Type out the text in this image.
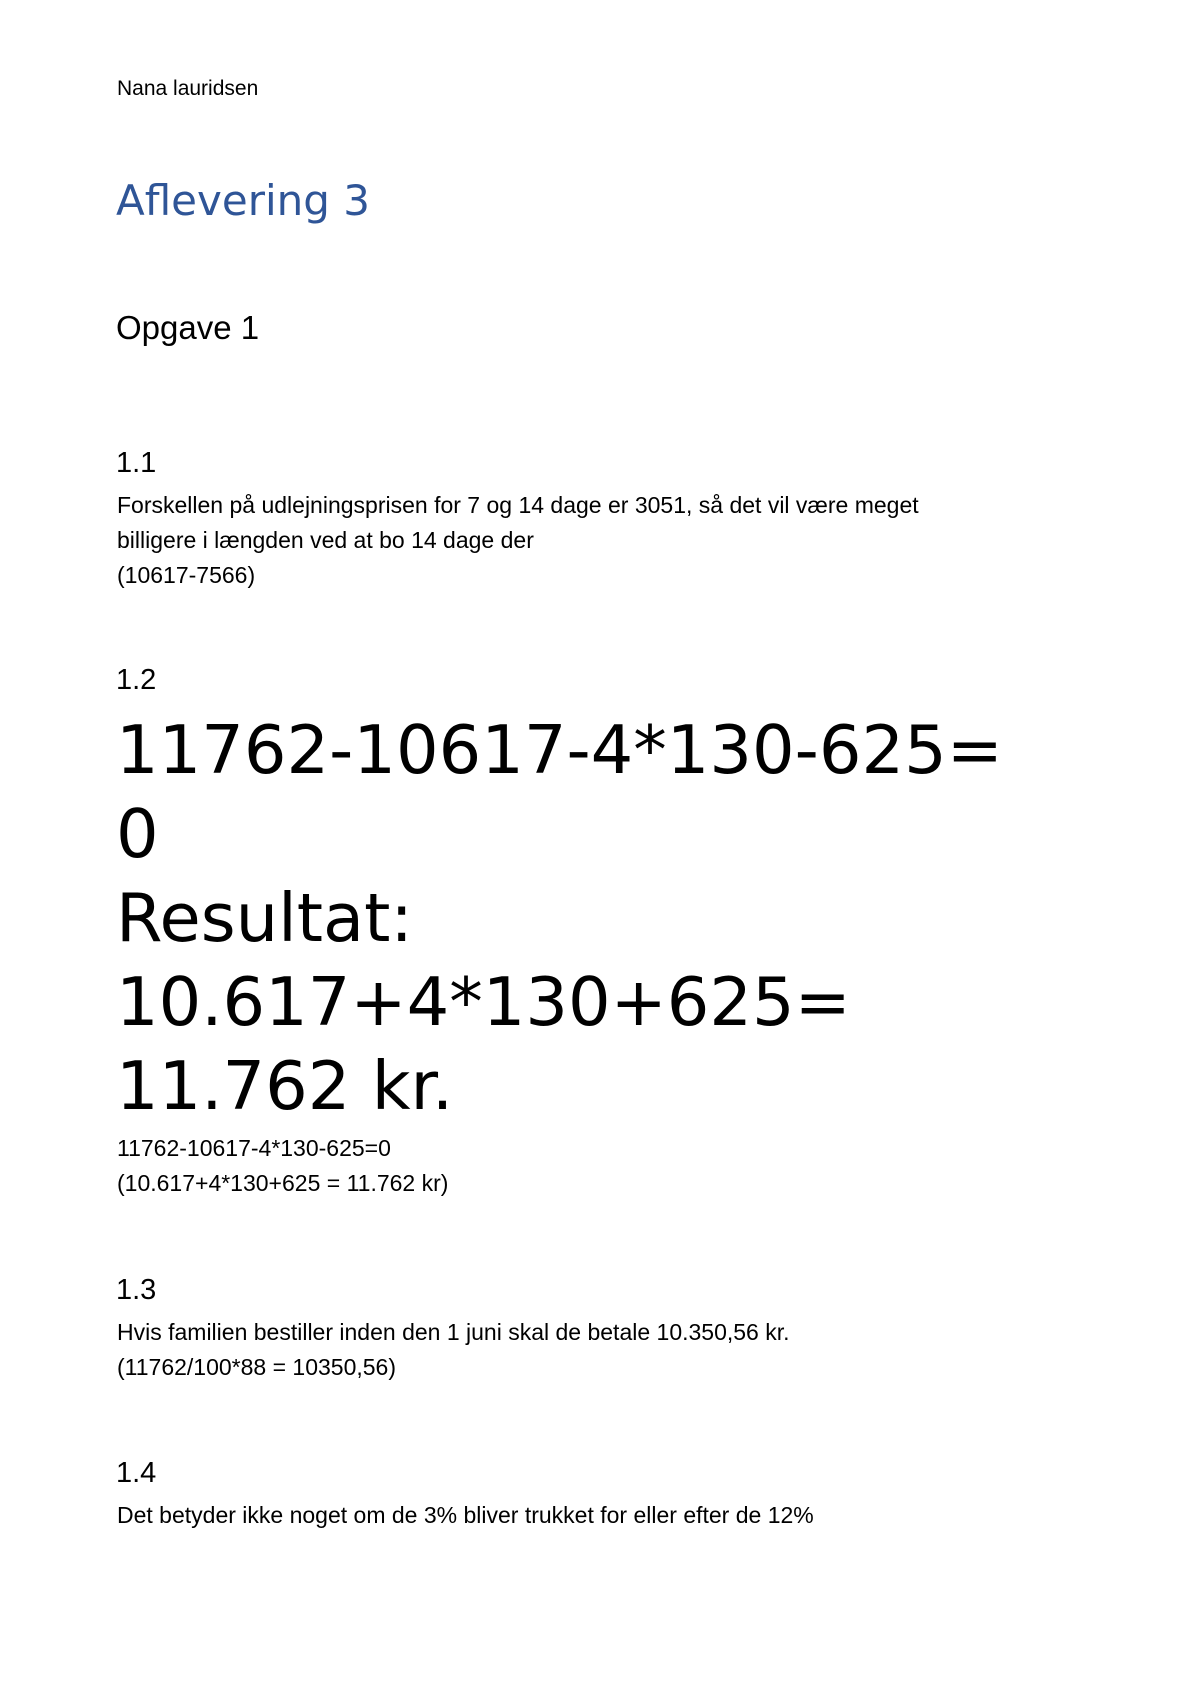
Nana lauridsen
Aflevering 3
Opgave 1
1.1
Forskellen på udlejningsprisen for 7 og 14 dage er 3051, så det vil være meget
billigere i længden ved at bo 14 dage der
(10617-7566)
1.2
11762-10617-4*130-625=
0
Resultat:
10.617+4*130+625=
11.762 kr.
11762-10617-4*130-625=0
(10.617+4*130+625 = 11.762 kr)
1.3
Hvis familien bestiller inden den 1 juni skal de betale 10.350,56 kr.
(11762/100*88 = 10350,56)
1.4
Det betyder ikke noget om de 3% bliver trukket for eller efter de 12%
